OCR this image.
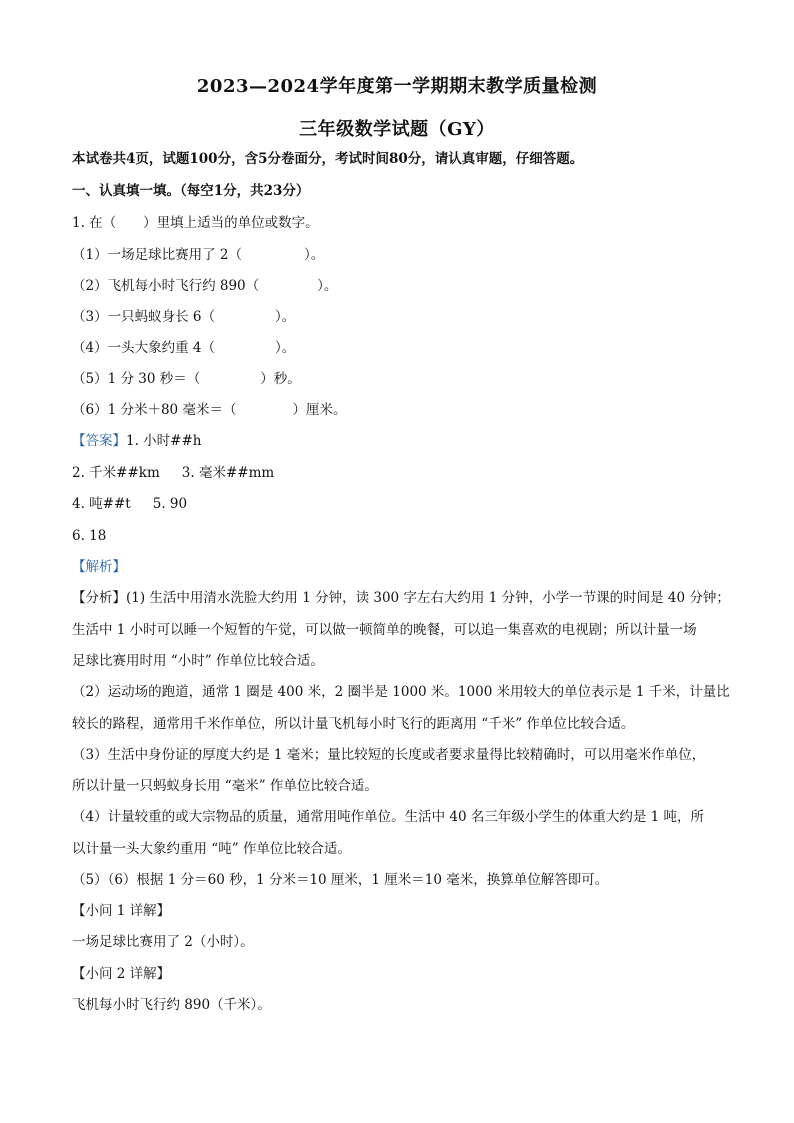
2023—2024学年度第一学期期末教学质量检测
三年级数学试题（GY）
本试卷共4页，试题100分，含5分卷面分，考试时间80分，请认真审题，仔细答题。
一、认真填一填。（每空1分，共23分）
1. 在（　　）里填上适当的单位或数字。
（1）一场足球比赛用了 2（	）。
（2）飞机每小时飞行约 890（	）。
（3）一只蚂蚁身长 6（	）。
（4）一头大象约重 4（	）。
（5）1 分 30 秒＝（	）秒。
（6）1 分米＋80 毫米＝（	）厘米。
【答案】1. 小时##h
2. 千米##km 3. 毫米##mm
4. 吨##t 5. 90
6. 18
【解析】
【分析】(1) 生活中用清水洗脸大约用 1 分钟，读 300 字左右大约用 1 分钟，小学一节课的时间是 40 分钟；
生活中 1 小时可以睡一个短暂的午觉，可以做一顿简单的晚餐，可以追一集喜欢的电视剧；所以计量一场
足球比赛用时用 “小时” 作单位比较合适。
（2）运动场的跑道，通常 1 圈是 400 米，2 圈半是 1000 米。1000 米用较大的单位表示是 1 千米，计量比
较长的路程，通常用千米作单位，所以计量飞机每小时飞行的距离用 “千米” 作单位比较合适。
（3）生活中身份证的厚度大约是 1 毫米；量比较短的长度或者要求量得比较精确时，可以用毫米作单位，
所以计量一只蚂蚁身长用 “毫米” 作单位比较合适。
（4）计量较重的或大宗物品的质量，通常用吨作单位。生活中 40 名三年级小学生的体重大约是 1 吨，所
以计量一头大象约重用 “吨” 作单位比较合适。
（5）（6）根据 1 分＝60 秒，1 分米＝10 厘米，1 厘米＝10 毫米，换算单位解答即可。
【小问 1 详解】
一场足球比赛用了 2（小时）。
【小问 2 详解】
飞机每小时飞行约 890（千米）。
